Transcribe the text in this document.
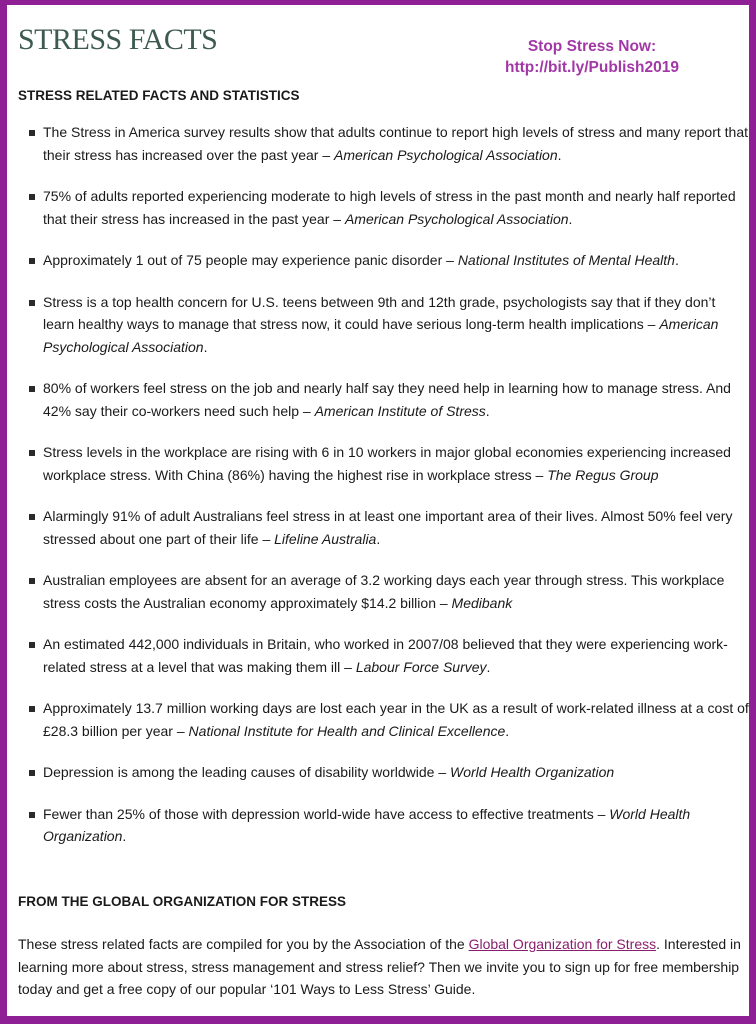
STRESS FACTS	Stop Stress Now:
http://bit.ly/Publish2019
STRESS RELATED FACTS AND STATISTICS
The Stress in America survey results show that adults continue to report high levels of stress and many report that their stress has increased over the past year – American Psychological Association.
75% of adults reported experiencing moderate to high levels of stress in the past month and nearly half reported that their stress has increased in the past year – American Psychological Association.
Approximately 1 out of 75 people may experience panic disorder – National Institutes of Mental Health.
Stress is a top health concern for U.S. teens between 9th and 12th grade, psychologists say that if they don’t learn healthy ways to manage that stress now, it could have serious long-term health implications – American Psychological Association.
80% of workers feel stress on the job and nearly half say they need help in learning how to manage stress. And 42% say their co-workers need such help – American Institute of Stress.
Stress levels in the workplace are rising with 6 in 10 workers in major global economies experiencing increased workplace stress. With China (86%) having the highest rise in workplace stress – The Regus Group
Alarmingly 91% of adult Australians feel stress in at least one important area of their lives. Almost 50% feel very stressed about one part of their life – Lifeline Australia.
Australian employees are absent for an average of 3.2 working days each year through stress. This workplace stress costs the Australian economy approximately $14.2 billion – Medibank
An estimated 442,000 individuals in Britain, who worked in 2007/08 believed that they were experiencing work-related stress at a level that was making them ill – Labour Force Survey.
Approximately 13.7 million working days are lost each year in the UK as a result of work-related illness at a cost of £28.3 billion per year – National Institute for Health and Clinical Excellence.
Depression is among the leading causes of disability worldwide – World Health Organization
Fewer than 25% of those with depression world-wide have access to effective treatments – World Health Organization.
FROM THE GLOBAL ORGANIZATION FOR STRESS

These stress related facts are compiled for you by the Association of the Global Organization for Stress. Interested in learning more about stress, stress management and stress relief? Then we invite you to sign up for free membership today and get a free copy of our popular ‘101 Ways to Less Stress’ Guide.
